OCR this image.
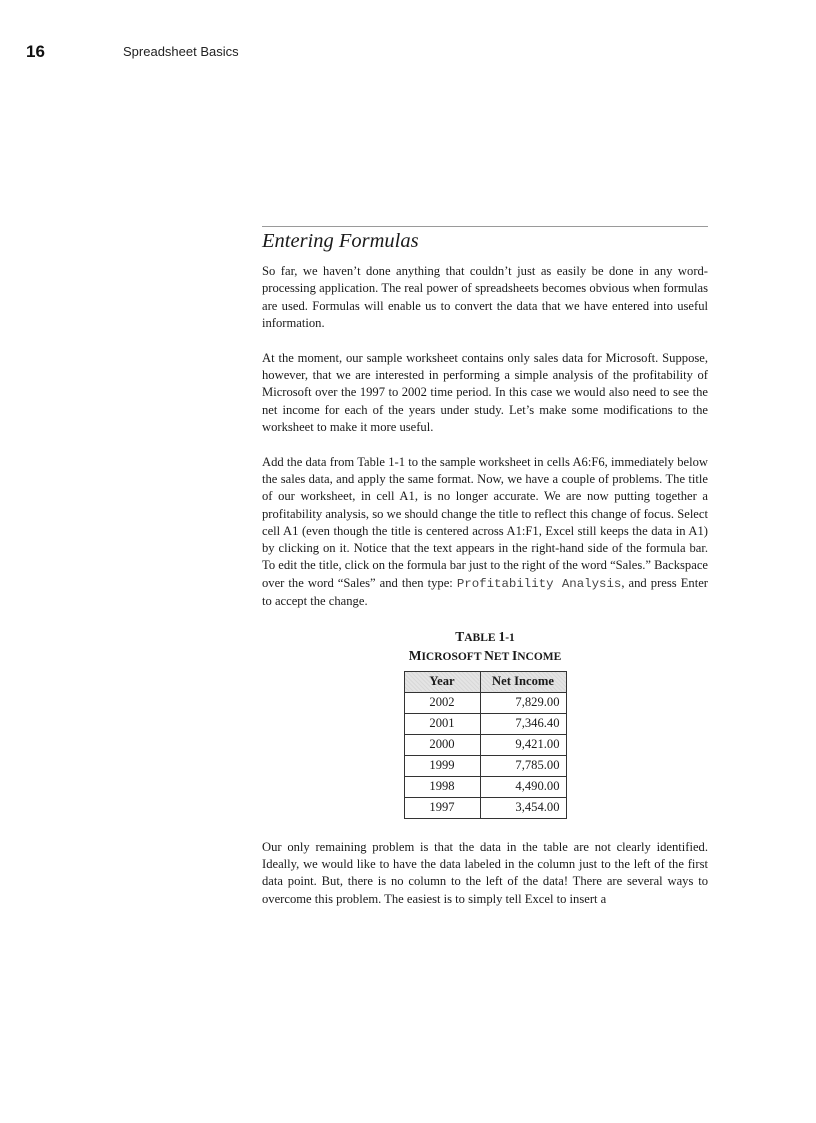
16	Spreadsheet Basics
Entering Formulas

So far, we haven’t done anything that couldn’t just as easily be done in any word-processing application. The real power of spreadsheets becomes obvious when formulas are used. Formulas will enable us to convert the data that we have entered into useful information.

At the moment, our sample worksheet contains only sales data for Microsoft. Suppose, however, that we are interested in performing a simple analysis of the profitability of Microsoft over the 1997 to 2002 time period. In this case we would also need to see the net income for each of the years under study. Let’s make some modifications to the worksheet to make it more useful.

Add the data from Table 1-1 to the sample worksheet in cells A6:F6, immediately below the sales data, and apply the same format. Now, we have a couple of problems. The title of our worksheet, in cell A1, is no longer accurate. We are now putting together a profitability analysis, so we should change the title to reflect this change of focus. Select cell A1 (even though the title is centered across A1:F1, Excel still keeps the data in A1) by clicking on it. Notice that the text appears in the right-hand side of the formula bar. To edit the title, click on the formula bar just to the right of the word “Sales.” Backspace over the word “Sales” and then type: Profitability Analysis, and press Enter to accept the change.

TABLE 1-1
MICROSOFT NET INCOME
Year	Net Income
2002	7,829.00
2001	7,346.40
2000	9,421.00
1999	7,785.00
1998	4,490.00
1997	3,454.00

Our only remaining problem is that the data in the table are not clearly identified. Ideally, we would like to have the data labeled in the column just to the left of the first data point. But, there is no column to the left of the data! There are several ways to overcome this problem. The easiest is to simply tell Excel to insert a
